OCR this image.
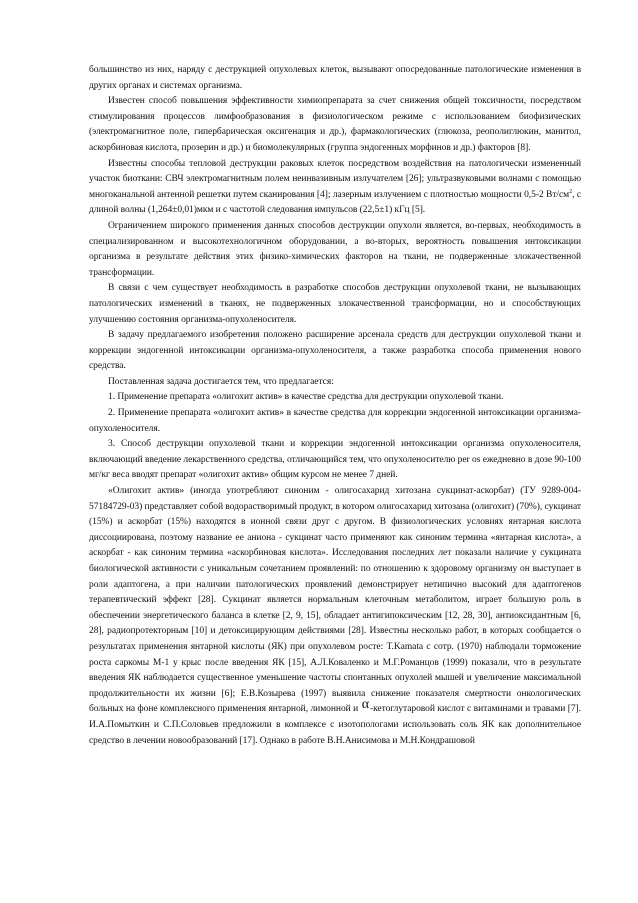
большинство из них, наряду с деструкцией опухолевых клеток, вызывают опосредованные патологические изменения в других органах и системах организма.

Известен способ повышения эффективности химиопрепарата за счет снижения общей токсичности, посредством стимулирования процессов лимфообразования в физиологическом режиме с использованием биофизических (электромагнитное поле, гипербарическая оксигенация и др.), фармакологических (глюкоза, реополиглюкин, манитол, аскорбиновая кислота, прозерин и др.) и биомолекулярных (группа эндогенных морфинов и др.) факторов [8].

Известны способы тепловой деструкции раковых клеток посредством воздействия на патологически измененный участок биоткани: СВЧ электромагнитным полем неинвазивным излучателем [26]; ультразвуковыми волнами с помощью многоканальной антенной решетки путем сканирования [4]; лазерным излучением с плотностью мощности 0,5-2 $Вт/см^2$, с длиной волны (1,264±0,01)мкм и с частотой следования импульсов (22,5±1) кГц [5].

Ограничением широкого применения данных способов деструкции опухоли является, во-первых, необходимость в специализированном и высокотехнологичном оборудовании, а во-вторых, вероятность повышения интоксикации организма в результате действия этих физико-химических факторов на ткани, не подверженные злокачественной трансформации.

В связи с чем существует необходимость в разработке способов деструкции опухолевой ткани, не вызывающих патологических изменений в тканях, не подверженных злокачественной трансформации, но и способствующих улучшению состояния организма-опухоленосителя.

В задачу предлагаемого изобретения положено расширение арсенала средств для деструкции опухолевой ткани и коррекции эндогенной интоксикации организма-опухоленосителя, а также разработка способа применения нового средства.

Поставленная задача достигается тем, что предлагается:

1. Применение препарата «олигохит актив» в качестве средства для деструкции опухолевой ткани.

2. Применение препарата «олигохит актив» в качестве средства для коррекции эндогенной интоксикации организма-опухоленосителя.

3. Способ деструкции опухолевой ткани и коррекции эндогенной интоксикации организма опухоленосителя, включающий введение лекарственного средства, отличающийся тем, что опухоленосителю per os ежедневно в дозе 90-100 мг/кг веса вводят препарат «олигохит актив» общим курсом не менее 7 дней.

«Олигохит актив» (иногда употребляют синоним - олигосахарид хитозана сукцинат-аскорбат) (ТУ 9289-004-57184729-03) представляет собой водорастворимый продукт, в котором олигосахарид хитозана (олигохит) (70%), сукцинат (15%) и аскорбат (15%) находятся в ионной связи друг с другом. В физиологических условиях янтарная кислота диссоциирована, поэтому название ее аниона - сукцинат часто применяют как синоним термина «янтарная кислота», а аскорбат - как синоним термина «аскорбиновая кислота». Исследования последних лет показали наличие у сукцината биологической активности с уникальным сочетанием проявлений: по отношению к здоровому организму он выступает в роли адаптогена, а при наличии патологических проявлений демонстрирует нетипично высокий для адаптогенов терапевтический эффект [28]. Сукцинат является нормальным клеточным метаболитом, играет большую роль в обеспечении энергетического баланса в клетке [2, 9, 15], обладает антигипоксическим [12, 28, 30], антиоксидантным [6, 28], радиопротекторным [10] и детоксицирующим действиями [28]. Известны несколько работ, в которых сообщается о результатах применения янтарной кислоты (ЯК) при опухолевом росте: T.Kamata с сотр. (1970) наблюдали торможение роста саркомы М-1 у крыс после введения ЯК [15], А.Л.Коваленко и М.Г.Романцов (1999) показали, что в результате введения ЯК наблюдается существенное уменьшение частоты спонтанных опухолей мышей и увеличение максимальной продолжительности их жизни [6]; Е.В.Козырева (1997) выявила снижение показателя смертности онкологических больных на фоне комплексного применения янтарной, лимонной и α-кетоглутаровой кислот с витаминами и травами [7]. И.А.Помыткин и С.П.Соловьев предложили в комплексе с изотопологами использовать соль ЯК как дополнительное средство в лечении новообразований [17]. Однако в работе В.Н.Анисимова и М.Н.Кондрашовой
